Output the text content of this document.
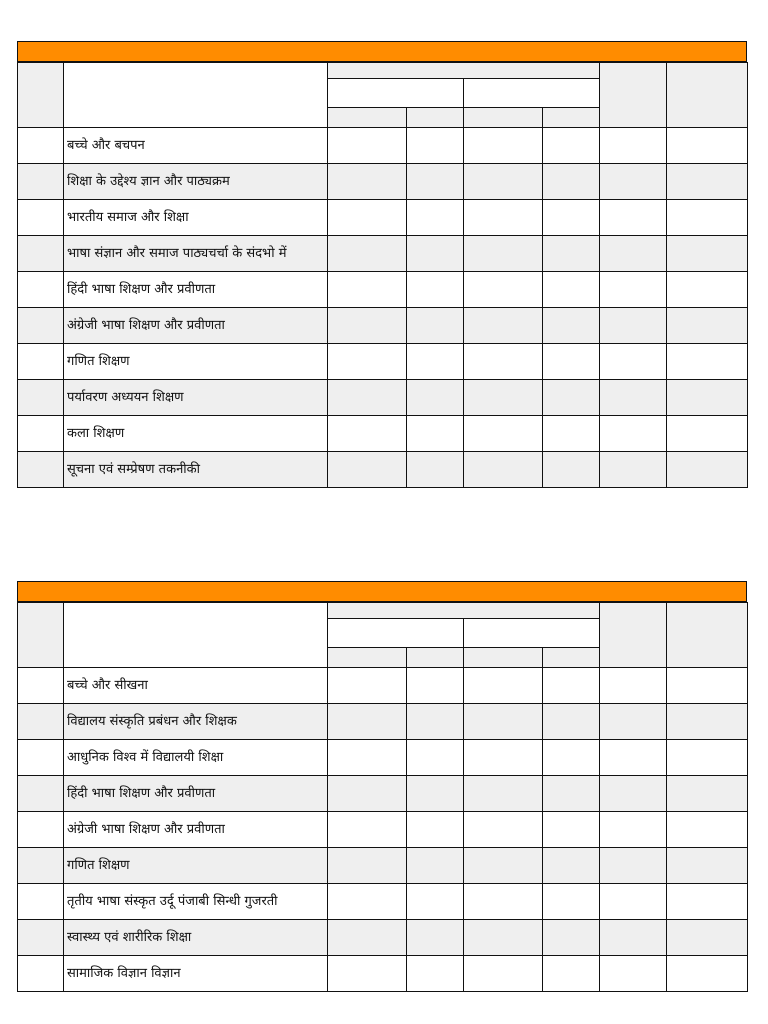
	बच्चे और बचपन						
	शिक्षा के उद्देश्य ज्ञान और पाठ्यक्रम						
	भारतीय समाज और शिक्षा						
	भाषा संज्ञान और समाज पाठ्यचर्चा के संदभो में						
	हिंदी भाषा शिक्षण और प्रवीणता						
	अंग्रेजी भाषा शिक्षण और प्रवीणता						
	गणित शिक्षण						
	पर्यावरण अध्ययन शिक्षण						
	कला शिक्षण						
	सूचना एवं सम्प्रेषण तकनीकी						

	बच्चे और सीखना						
	विद्यालय संस्कृति प्रबंधन और शिक्षक						
	आधुनिक विश्व में विद्यालयी शिक्षा						
	हिंदी भाषा शिक्षण और प्रवीणता						
	अंग्रेजी भाषा शिक्षण और प्रवीणता						
	गणित शिक्षण						
	तृतीय भाषा संस्कृत उर्दू पंजाबी सिन्धी गुजरती						
	स्वास्थ्य एवं शारीरिक शिक्षा						
	सामाजिक विज्ञान विज्ञान						
